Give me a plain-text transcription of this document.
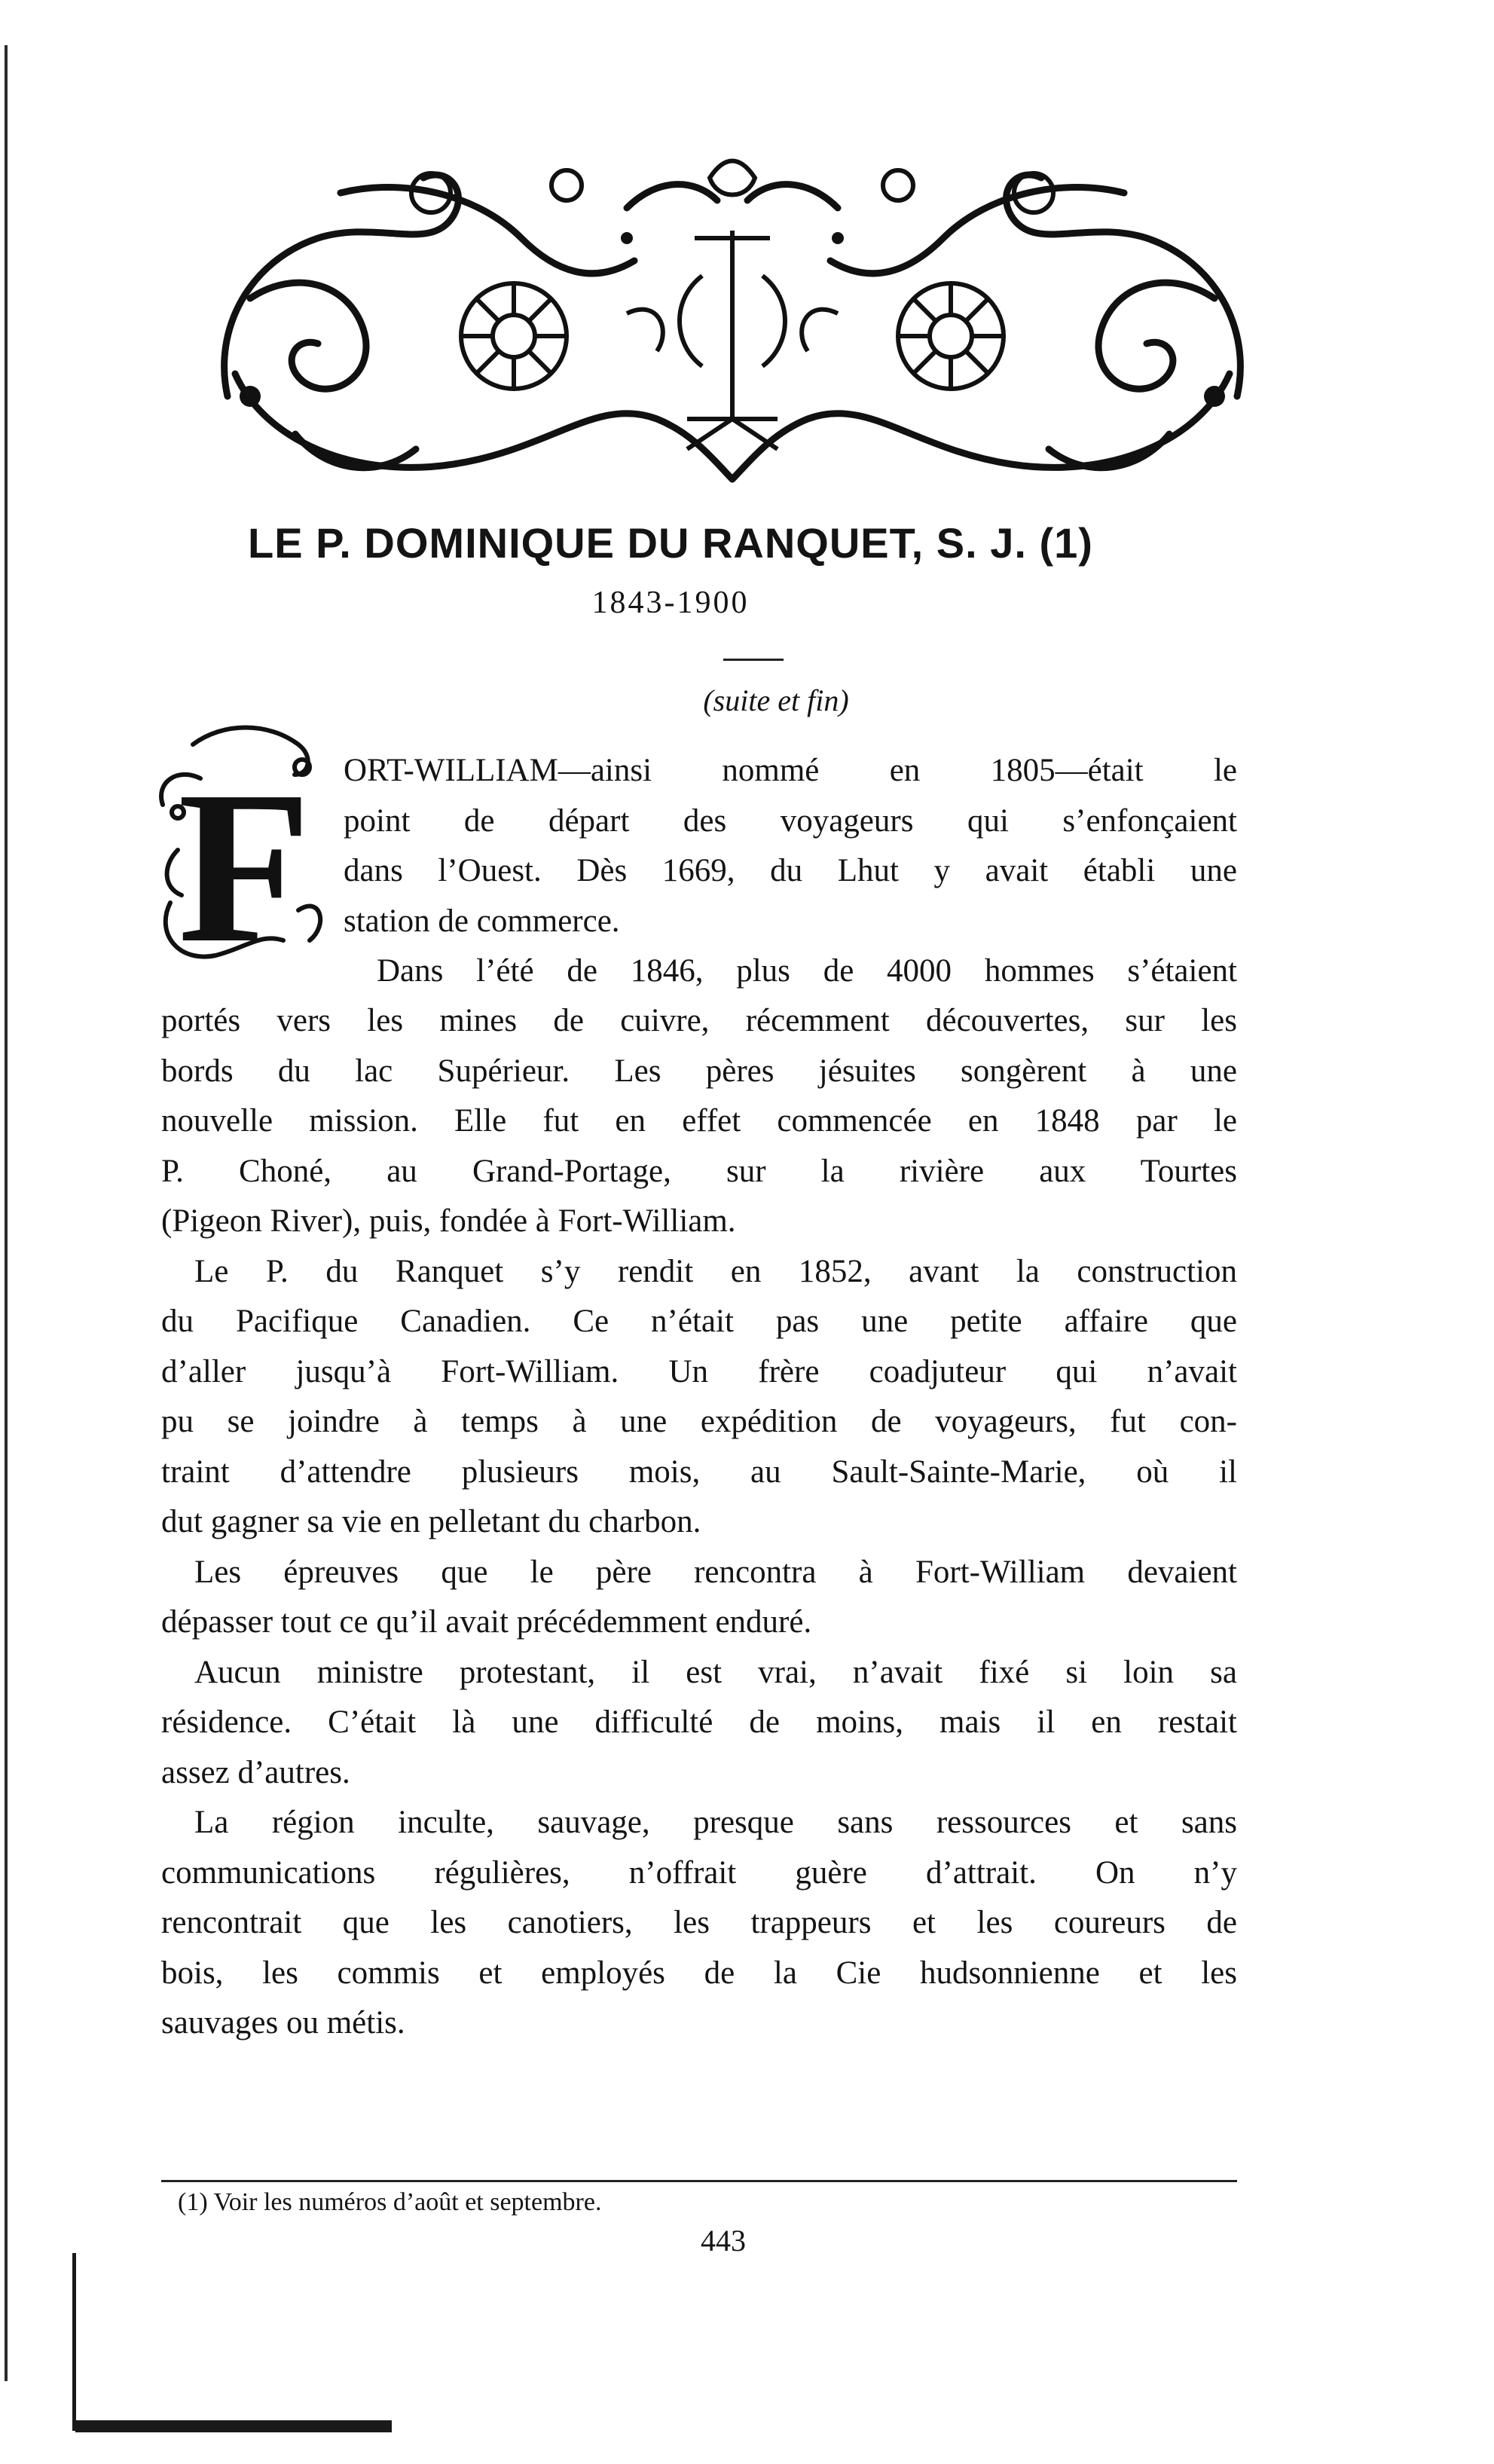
LE P. DOMINIQUE DU RANQUET, S. J. (1)
1843-1900
(suite et fin)
F ORT-WILLIAM—ainsi nommé en 1805—était le
point de départ des voyageurs qui s’enfonçaient
dans l’Ouest. Dès 1669, du Lhut y avait établi une
station de commerce.
Dans l’été de 1846, plus de 4000 hommes s’étaient
portés vers les mines de cuivre, récemment découvertes, sur les
bords du lac Supérieur. Les pères jésuites songèrent à une
nouvelle mission. Elle fut en effet commencée en 1848 par le
P. Choné, au Grand-Portage, sur la rivière aux Tourtes
(Pigeon River), puis, fondée à Fort-William.
Le P. du Ranquet s’y rendit en 1852, avant la construction
du Pacifique Canadien. Ce n’était pas une petite affaire que
d’aller jusqu’à Fort-William. Un frère coadjuteur qui n’avait
pu se joindre à temps à une expédition de voyageurs, fut con-
traint d’attendre plusieurs mois, au Sault-Sainte-Marie, où il
dut gagner sa vie en pelletant du charbon.
Les épreuves que le père rencontra à Fort-William devaient
dépasser tout ce qu’il avait précédemment enduré.
Aucun ministre protestant, il est vrai, n’avait fixé si loin sa
résidence. C’était là une difficulté de moins, mais il en restait
assez d’autres.
La région inculte, sauvage, presque sans ressources et sans
communications régulières, n’offrait guère d’attrait. On n’y
rencontrait que les canotiers, les trappeurs et les coureurs de
bois, les commis et employés de la Cie hudsonnienne et les
sauvages ou métis.
(1) Voir les numéros d’août et septembre.
443
